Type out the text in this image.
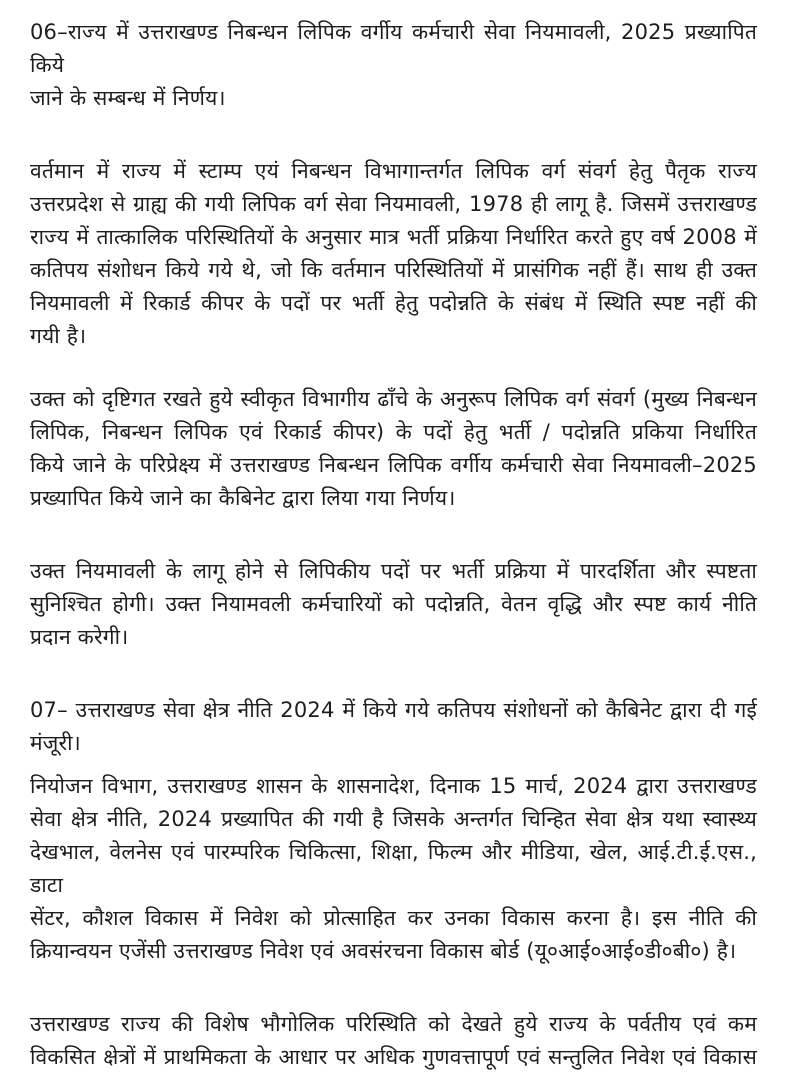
06–राज्य में उत्तराखण्ड निबन्धन लिपिक वर्गीय कर्मचारी सेवा नियमावली, 2025 प्रख्यापित किये
जाने के सम्बन्ध में निर्णय।
वर्तमान में राज्य में स्टाम्प एयं निबन्धन विभागान्तर्गत लिपिक वर्ग संवर्ग हेतु पैतृक राज्य
उत्तरप्रदेश से ग्राह्य की गयी लिपिक वर्ग सेवा नियमावली, 1978 ही लागू है. जिसमें उत्तराखण्ड
राज्य में तात्कालिक परिस्थितियों के अनुसार मात्र भर्ती प्रक्रिया निर्धारित करते हुए वर्ष 2008 में
कतिपय संशोधन किये गये थे, जो कि वर्तमान परिस्थितियों में प्रासंगिक नहीं हैं। साथ ही उक्त
नियमावली में रिकार्ड कीपर के पदों पर भर्ती हेतु पदोन्नति के संबंध में स्थिति स्पष्ट नहीं की
गयी है।
उक्त को दृष्टिगत रखते हुये स्वीकृत विभागीय ढाँचे के अनुरूप लिपिक वर्ग संवर्ग (मुख्य निबन्धन
लिपिक, निबन्धन लिपिक एवं रिकार्ड कीपर) के पदों हेतु भर्ती / पदोन्नति प्रकिया निर्धारित
किये जाने के परिप्रेक्ष्य में उत्तराखण्ड निबन्धन लिपिक वर्गीय कर्मचारी सेवा नियमावली–2025
प्रख्यापित किये जाने का कैबिनेट द्वारा लिया गया निर्णय।
उक्त नियमावली के लागू होने से लिपिकीय पदों पर भर्ती प्रक्रिया में पारदर्शिता और स्पष्टता
सुनिश्चित होगी। उक्त नियामवली कर्मचारियों को पदोन्नति, वेतन वृद्धि और स्पष्ट कार्य नीति
प्रदान करेगी।
07– उत्तराखण्ड सेवा क्षेत्र नीति 2024 में किये गये कतिपय संशोधनों को कैबिनेट द्वारा दी गई
मंजूरी।
नियोजन विभाग, उत्तराखण्ड शासन के शासनादेश, दिनाक 15 मार्च, 2024 द्वारा उत्तराखण्ड
सेवा क्षेत्र नीति, 2024 प्रख्यापित की गयी है जिसके अन्तर्गत चिन्हित सेवा क्षेत्र यथा स्वास्थ्य
देखभाल, वेलनेस एवं पारम्परिक चिकित्सा, शिक्षा, फिल्म और मीडिया, खेल, आई.टी.ई.एस., डाटा
सेंटर, कौशल विकास में निवेश को प्रोत्साहित कर उनका विकास करना है। इस नीति की
क्रियान्वयन एजेंसी उत्तराखण्ड निवेश एवं अवसंरचना विकास बोर्ड (यू०आई०आई०डी०बी०) है।
उत्तराखण्ड राज्य की विशेष भौगोलिक परिस्थिति को देखते हुये राज्य के पर्वतीय एवं कम
विकसित क्षेत्रों में प्राथमिकता के आधार पर अधिक गुणवत्तापूर्ण एवं सन्तुलित निवेश एवं विकास
